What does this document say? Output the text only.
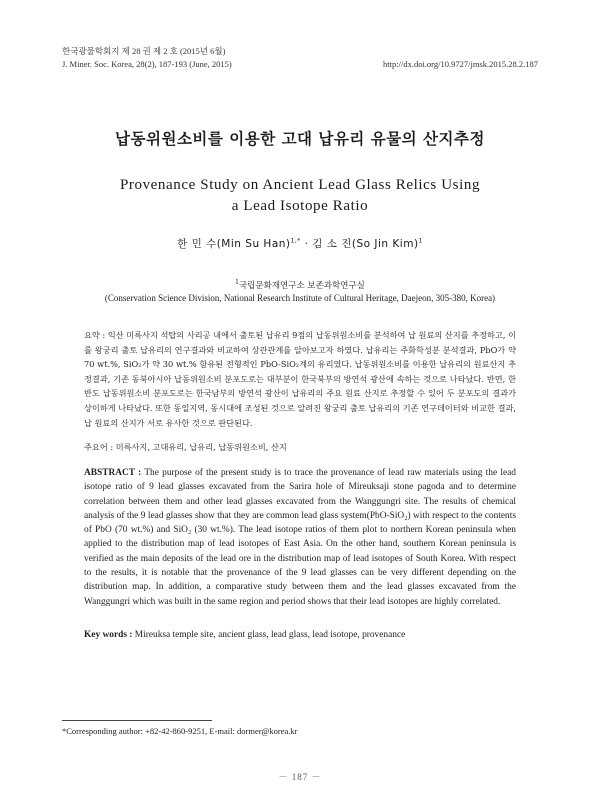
한국광물학회지 제 28 권 제 2 호 (2015년 6월)
J. Miner. Soc. Korea, 28(2), 187-193 (June, 2015)	http://dx.doi.org/10.9727/jmsk.2015.28.2.187
납동위원소비를 이용한 고대 납유리 유물의 산지추정
Provenance Study on Ancient Lead Glass Relics Using
a Lead Isotope Ratio
한 민 수(Min Su Han)$^{1,*}$ · 김 소 진(So Jin Kim)$^1$
$^1$국립문화재연구소 보존과학연구실
(Conservation Science Division, National Research Institute of Cultural Heritage, Daejeon, 305-380, Korea)
요약 : 익산 미륵사지 석탑의 사리공 내에서 출토된 납유리 9점의 납동위원소비를 분석하여 납 원료의 산지를 추정하고, 이를 왕궁리 출토 납유리의 연구결과와 비교하여 상관관계를 알아보고자 하였다. 납유리는 주화학성분 분석결과, PbO가 약 70 wt.%, SiO₂가 약 30 wt.% 함유된 전형적인 PbO-SiO₂계의 유리였다. 납동위원소비를 이용한 납유리의 원료산지 추정결과, 기존 동북아시아 납동위원소비 분포도로는 대부분이 한국북부의 방연석 광산에 속하는 것으로 나타났다. 반면, 한반도 납동위원소비 분포도로는 한국남부의 방연석 광산이 납유리의 주요 원료 산지로 추정할 수 있어 두 분포도의 결과가 상이하게 나타났다. 또한 동일지역, 동시대에 조성된 것으로 알려진 왕궁리 출토 납유리의 기존 연구데이터와 비교한 결과, 납 원료의 산지가 서로 유사한 것으로 판단된다.
주요어 : 미륵사지, 고대유리, 납유리, 납동위원소비, 산지
ABSTRACT : The purpose of the present study is to trace the provenance of lead raw materials using the lead isotope ratio of 9 lead glasses excavated from the Sarira hole of Mireuksaji stone pagoda and to determine correlation between them and other lead glasses excavated from the Wanggungri site. The results of chemical analysis of the 9 lead glasses show that they are common lead glass system(PbO-SiO₂) with respect to the contents of PbO (70 wt.%) and SiO₂ (30 wt.%). The lead isotope ratios of them plot to northern Korean peninsula when applied to the distribution map of lead isotopes of East Asia. On the other hand, southern Korean peninsula is verified as the main deposits of the lead ore in the distribution map of lead isotopes of South Korea. With respect to the results, it is notable that the provenance of the 9 lead glasses can be very different depending on the distribution map. In addition, a comparative study between them and the lead glasses excavated from the Wanggungri which was built in the same region and period shows that their lead isotopes are highly correlated.
Key words : Mireuksa temple site, ancient glass, lead glass, lead isotope, provenance
*Corresponding author: +82-42-860-9251, E-mail: dormer@korea.kr
－ 187 －
